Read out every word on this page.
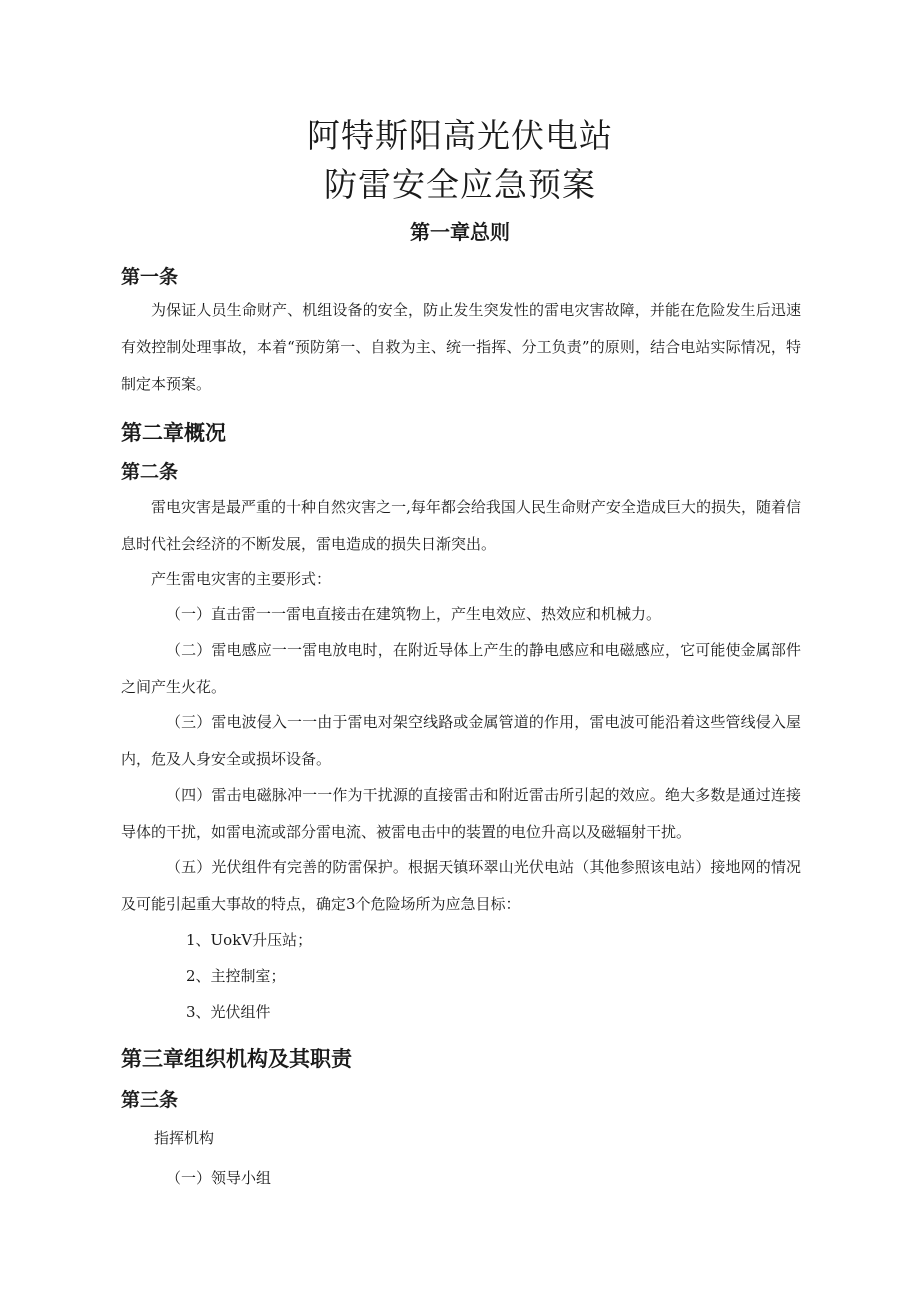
阿特斯阳高光伏电站
防雷安全应急预案
第一章总则
第一条

为保证人员生命财产、机组设备的安全，防止发生突发性的雷电灾害故障，并能在危险发生后迅速有效控制处理事故，本着“预防第一、自救为主、统一指挥、分工负责”的原则，结合电站实际情况，特制定本预案。

第二章概况
第二条

雷电灾害是最严重的十种自然灾害之一,每年都会给我国人民生命财产安全造成巨大的损失，随着信息时代社会经济的不断发展，雷电造成的损失日渐突出。

产生雷电灾害的主要形式：

（一）直击雷一一雷电直接击在建筑物上，产生电效应、热效应和机械力。

（二）雷电感应一一雷电放电时，在附近导体上产生的静电感应和电磁感应，它可能使金属部件之间产生火花。

（三）雷电波侵入一一由于雷电对架空线路或金属管道的作用，雷电波可能沿着这些管线侵入屋内，危及人身安全或损坏设备。

（四）雷击电磁脉冲一一作为干扰源的直接雷击和附近雷击所引起的效应。绝大多数是通过连接导体的干扰，如雷电流或部分雷电流、被雷电击中的装置的电位升高以及磁辐射干扰。

（五）光伏组件有完善的防雷保护。根据天镇环翠山光伏电站（其他参照该电站）接地网的情况及可能引起重大事故的特点，确定3个危险场所为应急目标：

1、UokV升压站；

2、主控制室；

3、光伏组件

第三章组织机构及其职责
第三条

指挥机构

（一）领导小组
